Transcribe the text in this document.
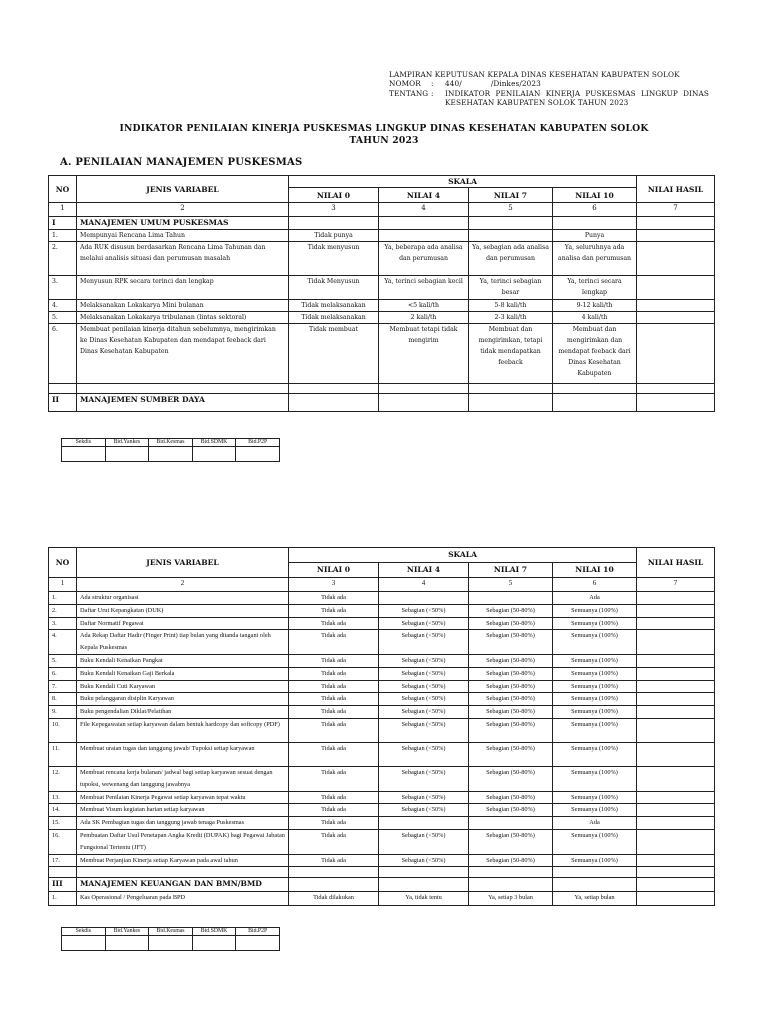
LAMPIRAN KEPUTUSAN KEPALA DINAS KESEHATAN KABUPATEN SOLOK
NOMOR	:	440/            /Dinkes/2023
TENTANG :	INDIKATOR PENILAIAN KINERJA PUSKESMAS LINGKUP DINAS
KESEHATAN KABUPATEN SOLOK TAHUN 2023
INDIKATOR PENILAIAN KINERJA PUSKESMAS LINGKUP DINAS KESEHATAN KABUPATEN SOLOK
TAHUN 2023
A. PENILAIAN MANAJEMEN PUSKESMAS
NO	JENIS VARIABEL	SKALA				NILAI HASIL
		NILAI 0	NILAI 4	NILAI 7	NILAI 10	
1	2	3	4	5	6	7
I	MANAJEMEN UMUM PUSKESMAS					
1.	Mempunyai Rencana Lima Tahun	Tidak punya			Punya	
2.	Ada RUK disusun berdasarkan Rencana Lima Tahunan dan melalui analisis situasi dan perumusan masalah	Tidak menyusun	Ya, beberapa ada analisa dan perumusan	Ya, sebagian ada analisa dan perumusan	Ya, seluruhnya ada analisa dan perumusan	
3.	Menyusun RPK secara terinci dan lengkap	Tidak Menyusun	Ya, terinci sebagian kecil	Ya, terinci sebagian besar	Ya, terinci secara lengkap	
4.	Melaksanakan Lokakarya Mini bulanan	Tidak melaksanakan	<5 kali/th	5-8 kali/th	9-12 kali/th	
5.	Melaksanakan Lokakarya tribulanan (lintas sektoral)	Tidak melaksanakan	2 kali/th	2-3 kali/th	4 kali/th	
6.	Membuat penilaian kinerja ditahun sebelumnya, mengirimkan ke Dinas Kesehatan Kabupaten dan mendapat feeback dari Dinas Kesehatan Kabupaten	Tidak membuat	Membuat tetapi tidak mengirim	Membuat dan mengirimkan, tetapi tidak mendapatkan feeback	Membuat dan mengirimkan dan mendapat feeback dari Dinas Kesehatan Kabupaten	

II	MANAJEMEN SUMBER DAYA					
Sekdis	Bid.Yankes	Bid.Kesmas	Bid.SDMK	Bid.P2P

NO	JENIS VARIABEL	SKALA				NILAI HASIL
		NILAI 0	NILAI 4	NILAI 7	NILAI 10	
1	2	3	4	5	6	7
1.	Ada struktur organisasi	Tidak ada			Ada	
2.	Daftar Urut Kepangkatan (DUK)	Tidak ada	Sebagian (<50%)	Sebagian (50-80%)	Semuanya (100%)	
3.	Daftar Normatif Pegawai	Tidak ada	Sebagian (<50%)	Sebagian (50-80%)	Semuanya (100%)	
4.	Ada Rekap Daftar Hadir (Finger Print) tiap bulan yang ditanda tangani oleh Kepala Puskesmas	Tidak ada	Sebagian (<50%)	Sebagian (50-80%)	Semuanya (100%)	
5.	Buku Kendali Kenaikan Pangkat	Tidak ada	Sebagian (<50%)	Sebagian (50-80%)	Semuanya (100%)	
6.	Buku Kendali Kenaikan Gaji Berkala	Tidak ada	Sebagian (<50%)	Sebagian (50-80%)	Semuanya (100%)	
7.	Buku Kendali Cuti Karyawan	Tidak ada	Sebagian (<50%)	Sebagian (50-80%)	Semuanya (100%)	
8.	Buku pelanggaran disiplin Karyawan	Tidak ada	Sebagian (<50%)	Sebagian (50-80%)	Semuanya (100%)	
9.	Buku pengendalian Diklat/Pelatihan	Tidak ada	Sebagian (<50%)	Sebagian (50-80%)	Semuanya (100%)	
10.	File Kepegawaian setiap karyawan dalam bentuk hardcopy dan softcopy (PDF)	Tidak ada	Sebagian (<50%)	Sebagian (50-80%)	Semuanya (100%)	
11.	Membuat uraian tugas dan tanggung jawab/ Tupoksi setiap karyawan	Tidak ada	Sebagian (<50%)	Sebagian (50-80%)	Semuanya (100%)	
12.	Membuat rencana kerja bulanan/ jadwal bagi setiap karyawan sesuai dengan tupoksi, wewenang dan tanggung jawabnya	Tidak ada	Sebagian (<50%)	Sebagian (50-80%)	Semuanya (100%)	
13.	Membuat Penilaian Kinerja Pegawai setiap karyawan tepat waktu	Tidak ada	Sebagian (<50%)	Sebagian (50-80%)	Semuanya (100%)	
14.	Membuat Visum kegiatan harian setiap karyawan	Tidak ada	Sebagian (<50%)	Sebagian (50-80%)	Semuanya (100%)	
15.	Ada SK Pembagian tugas dan tanggung jawab tenaga Puskesmas	Tidak ada			Ada	
16.	Pembuatan Daftar Usul Penetapan Angka Kredit (DUPAK) bagi Pegawai Jabatan Fungsional Tertentu (JFT)	Tidak ada	Sebagian (<50%)	Sebagian (50-80%)	Semuanya (100%)	
17.	Membuat Perjanjian Kinerja setiap Karyawan pada awal tahun	Tidak ada	Sebagian (<50%)	Sebagian (50-80%)	Semuanya (100%)	

III	MANAJEMEN KEUANGAN DAN BMN/BMD					
1.	Kas Operasional / Pengeluaran pada BPD	Tidak dilakukan	Ya, tidak tentu	Ya, setiap 3 bulan	Ya, setiap bulan	
Sekdis	Bid.Yankes	Bid.Kesmas	Bid.SDMK	Bid.P2P
